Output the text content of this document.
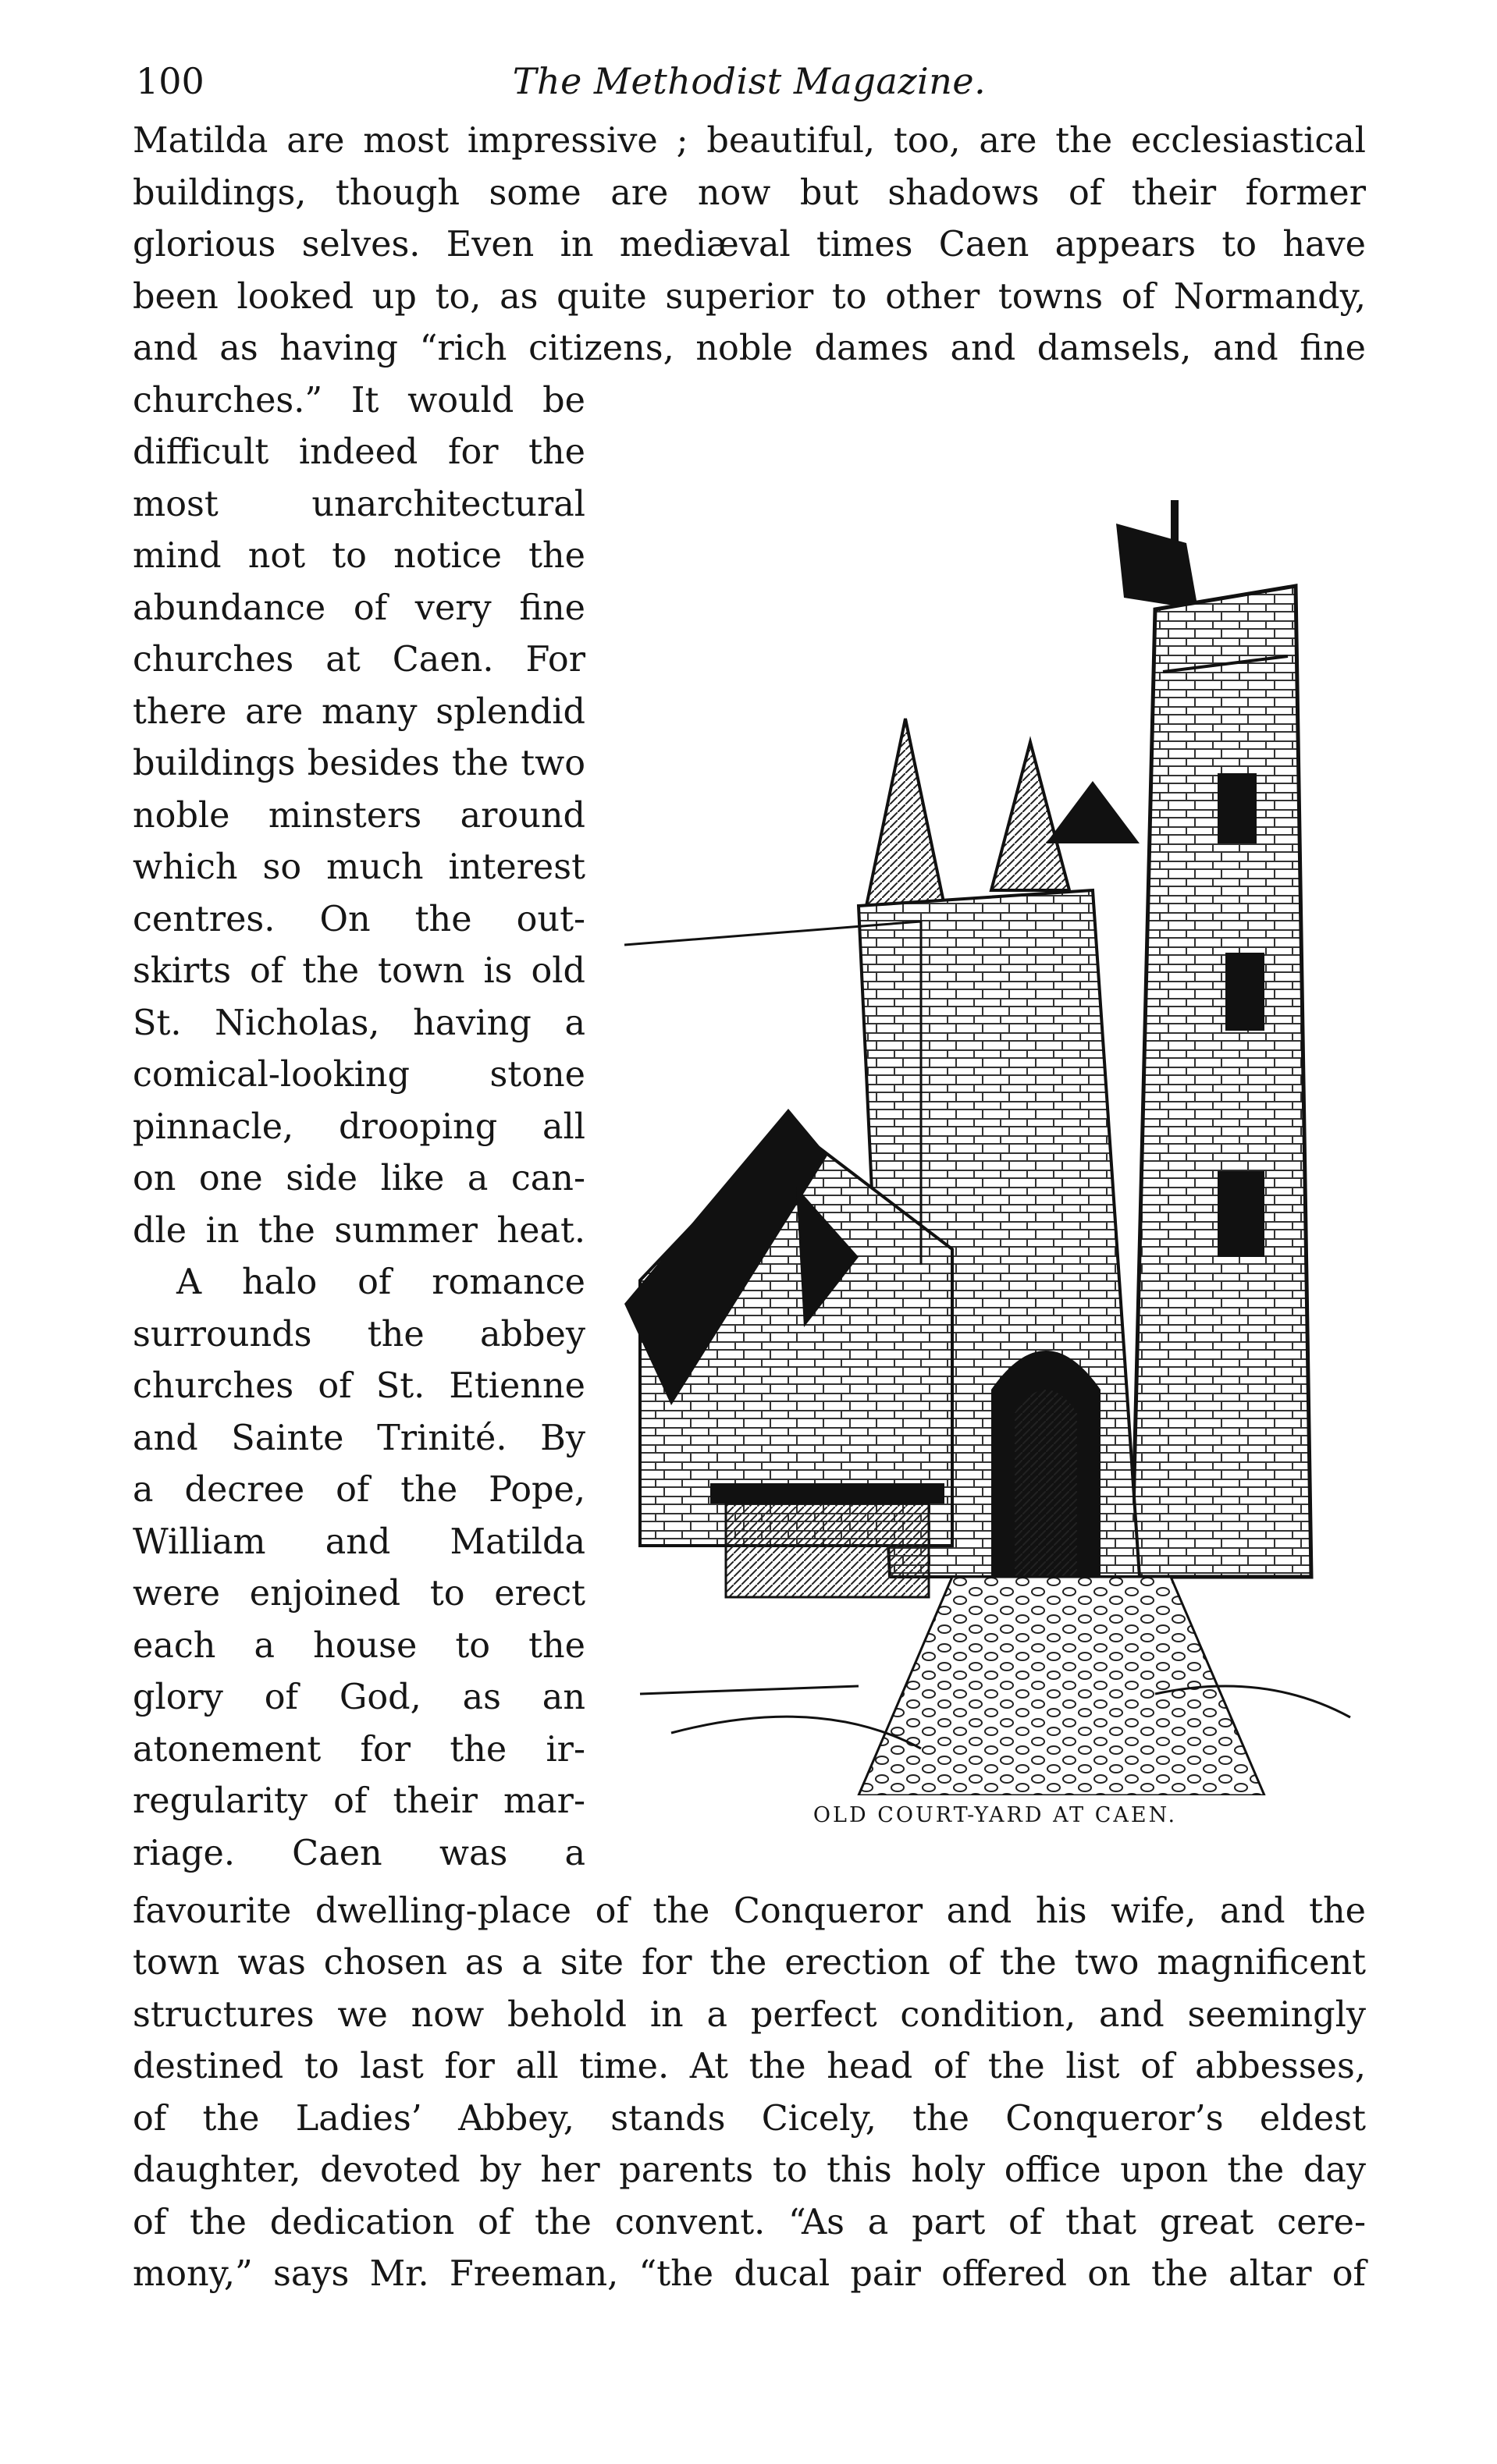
100	The Methodist Magazine.
Matilda are most impressive ; beautiful, too, are the ecclesiastical
buildings, though some are now but shadows of their former
glorious selves. Even in mediæval times Caen appears to have
been looked up to, as quite superior to other towns of Normandy,
and as having “rich citizens, noble dames and damsels, and fine
churches.” It would be
difficult indeed for the
most unarchitectural
mind not to notice the
abundance of very fine
churches at Caen. For
there are many splendid
buildings besides the two
noble minsters around
which so much interest
centres. On the out-
skirts of the town is old
St. Nicholas, having a
comical-looking stone
pinnacle, drooping all
on one side like a can-
dle in the summer heat.
A halo of romance
surrounds the abbey
churches of St. Etienne
and Sainte Trinité. By
a decree of the Pope,
William and Matilda
were enjoined to erect
each a house to the
glory of God, as an
atonement for the ir-
regularity of their mar-
riage. Caen was a
OLD COURT-YARD AT CAEN.
favourite dwelling-place of the Conqueror and his wife, and the
town was chosen as a site for the erection of the two magnificent
structures we now behold in a perfect condition, and seemingly
destined to last for all time. At the head of the list of abbesses,
of the Ladies’ Abbey, stands Cicely, the Conqueror’s eldest
daughter, devoted by her parents to this holy office upon the day
of the dedication of the convent. “As a part of that great cere-
mony,” says Mr. Freeman, “the ducal pair offered on the altar of
